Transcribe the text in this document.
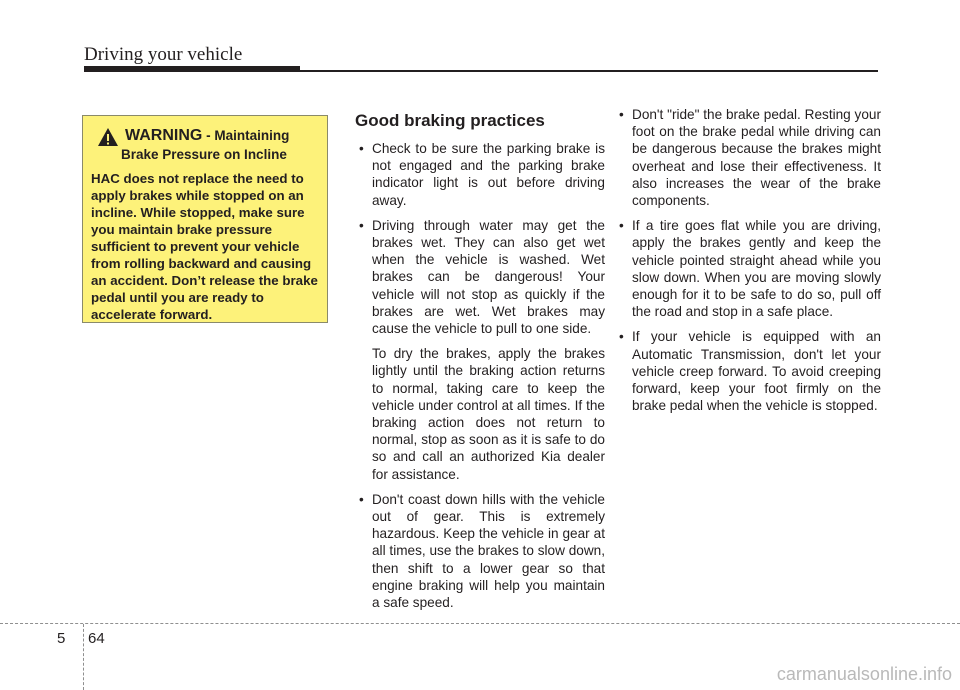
Driving your vehicle
WARNING - Maintaining
Brake Pressure on Incline
HAC does not replace the need to apply brakes while stopped on an incline. While stopped, make sure you maintain brake pressure sufficient to prevent your vehicle from rolling backward and causing an accident. Don’t release the brake pedal until you are ready to accelerate forward.
Good braking practices
• Check to be sure the parking brake is not engaged and the parking brake indicator light is out before driving away.
• Driving through water may get the brakes wet. They can also get wet when the vehicle is washed. Wet brakes can be dangerous! Your vehicle will not stop as quickly if the brakes are wet. Wet brakes may cause the vehicle to pull to one side.

To dry the brakes, apply the brakes lightly until the braking action returns to normal, taking care to keep the vehicle under control at all times. If the braking action does not return to normal, stop as soon as it is safe to do so and call an authorized Kia dealer for assistance.

• Don't coast down hills with the vehicle out of gear. This is extremely hazardous. Keep the vehicle in gear at all times, use the brakes to slow down, then shift to a lower gear so that engine braking will help you maintain a safe speed.
• Don't "ride" the brake pedal. Resting your foot on the brake pedal while driving can be dangerous because the brakes might overheat and lose their effectiveness. It also increases the wear of the brake components.
• If a tire goes flat while you are driving, apply the brakes gently and keep the vehicle pointed straight ahead while you slow down. When you are moving slowly enough for it to be safe to do so, pull off the road and stop in a safe place.
• If your vehicle is equipped with an Automatic Transmission, don't let your vehicle creep forward. To avoid creeping forward, keep your foot firmly on the brake pedal when the vehicle is stopped.
5 64
carmanualsonline.info
